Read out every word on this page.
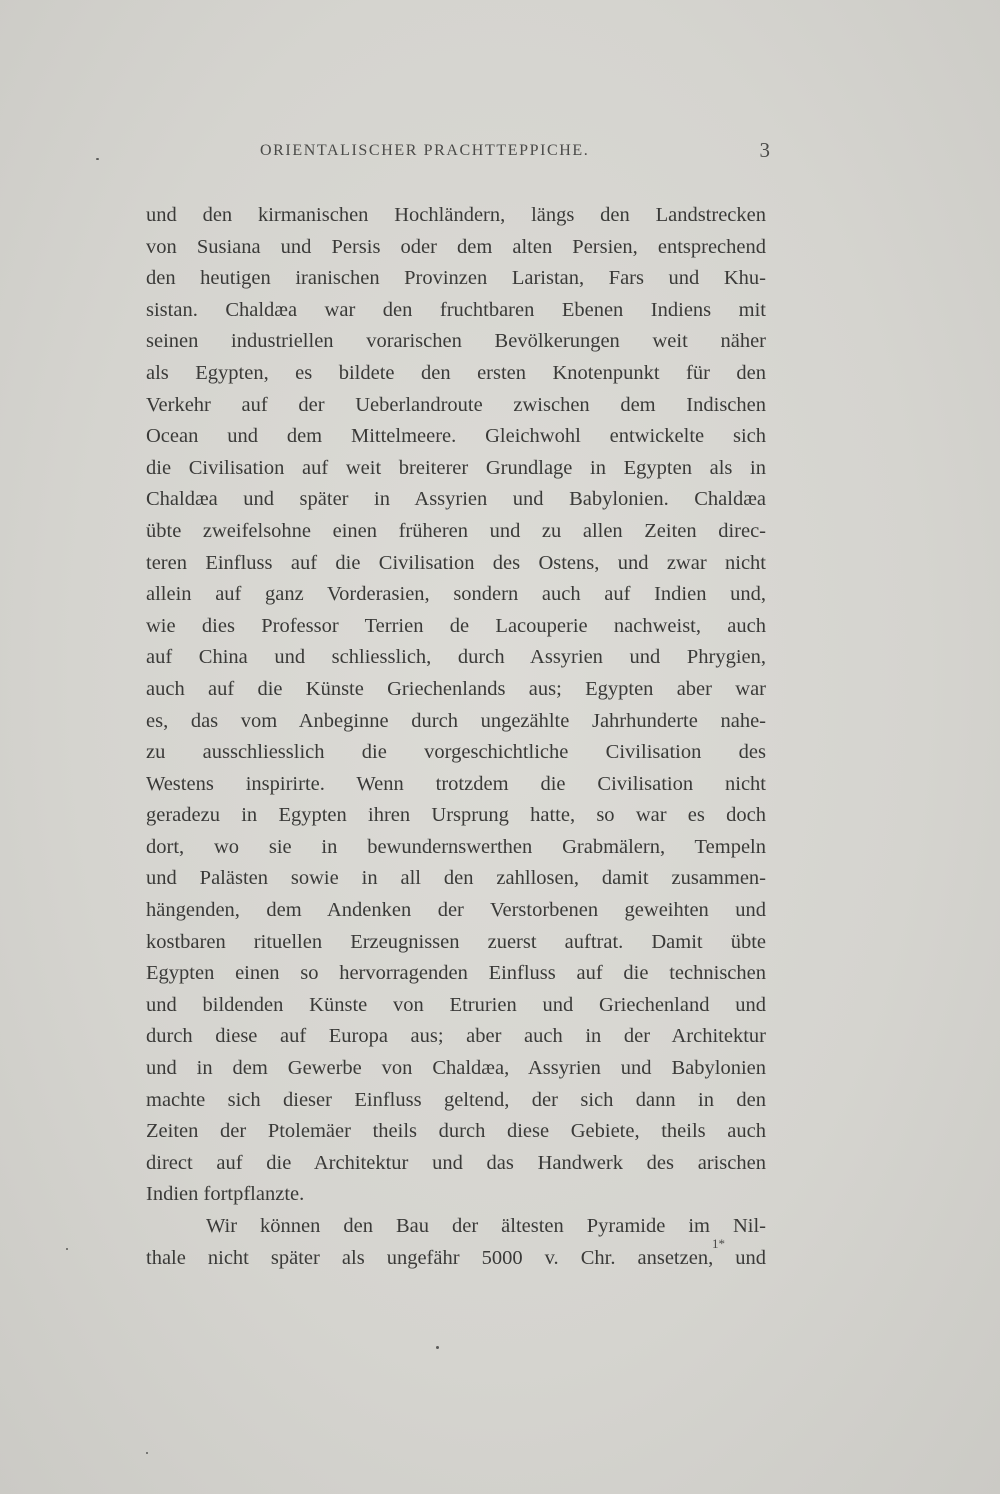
ORIENTALISCHER PRACHTTEPPICHE.	3
und den kirmanischen Hochländern, längs den Landstrecken
von Susiana und Persis oder dem alten Persien, entsprechend
den heutigen iranischen Provinzen Laristan, Fars und Khu-
sistan. Chaldæa war den fruchtbaren Ebenen Indiens mit
seinen industriellen vorarischen Bevölkerungen weit näher
als Egypten, es bildete den ersten Knotenpunkt für den
Verkehr auf der Ueberlandroute zwischen dem Indischen
Ocean und dem Mittelmeere. Gleichwohl entwickelte sich
die Civilisation auf weit breiterer Grundlage in Egypten als in
Chaldæa und später in Assyrien und Babylonien. Chaldæa
übte zweifelsohne einen früheren und zu allen Zeiten direc-
teren Einfluss auf die Civilisation des Ostens, und zwar nicht
allein auf ganz Vorderasien, sondern auch auf Indien und,
wie dies Professor Terrien de Lacouperie nachweist, auch
auf China und schliesslich, durch Assyrien und Phrygien,
auch auf die Künste Griechenlands aus; Egypten aber war
es, das vom Anbeginne durch ungezählte Jahrhunderte nahe-
zu ausschliesslich die vorgeschichtliche Civilisation des
Westens inspirirte. Wenn trotzdem die Civilisation nicht
geradezu in Egypten ihren Ursprung hatte, so war es doch
dort, wo sie in bewundernswerthen Grabmälern, Tempeln
und Palästen sowie in all den zahllosen, damit zusammen-
hängenden, dem Andenken der Verstorbenen geweihten und
kostbaren rituellen Erzeugnissen zuerst auftrat. Damit übte
Egypten einen so hervorragenden Einfluss auf die technischen
und bildenden Künste von Etrurien und Griechenland und
durch diese auf Europa aus; aber auch in der Architektur
und in dem Gewerbe von Chaldæa, Assyrien und Babylonien
machte sich dieser Einfluss geltend, der sich dann in den
Zeiten der Ptolemäer theils durch diese Gebiete, theils auch
direct auf die Architektur und das Handwerk des arischen
Indien fortpflanzte.
Wir können den Bau der ältesten Pyramide im Nil-
thale nicht später als ungefähr 5000 v. Chr. ansetzen, und
1*
